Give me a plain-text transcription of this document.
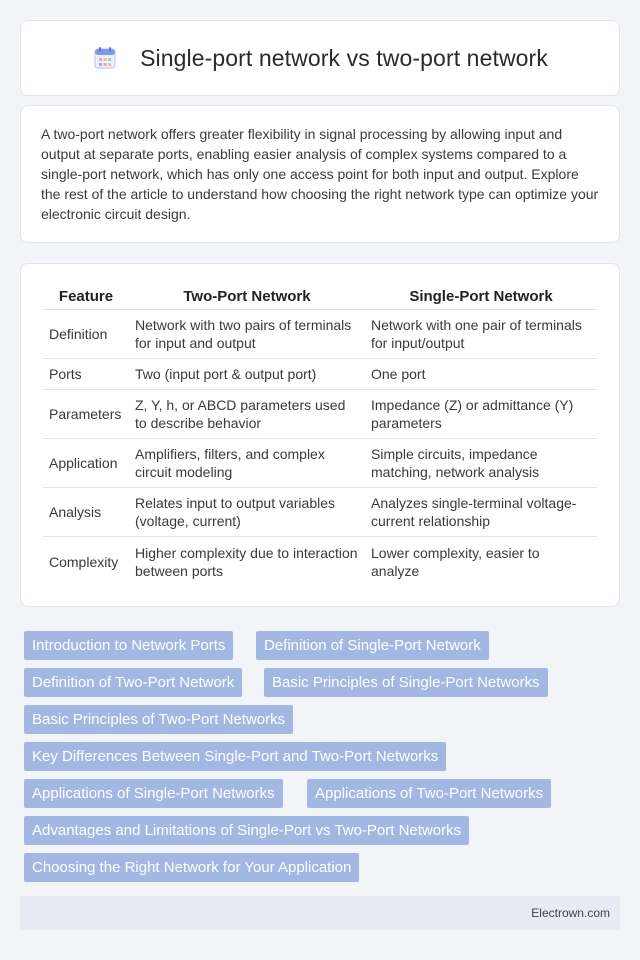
Single-port network vs two-port network

A two-port network offers greater flexibility in signal processing by allowing input and output at separate ports, enabling easier analysis of complex systems compared to a single-port network, which has only one access point for both input and output. Explore the rest of the article to understand how choosing the right network type can optimize your electronic circuit design.

Feature	Two-Port Network	Single-Port Network
Definition	Network with two pairs of terminals for input and output	Network with one pair of terminals for input/output
Ports	Two (input port & output port)	One port
Parameters	Z, Y, h, or ABCD parameters used to describe behavior	Impedance (Z) or admittance (Y) parameters
Application	Amplifiers, filters, and complex circuit modeling	Simple circuits, impedance matching, network analysis
Analysis	Relates input to output variables (voltage, current)	Analyzes single-terminal voltage-current relationship
Complexity	Higher complexity due to interaction between ports	Lower complexity, easier to analyze
Introduction to Network Ports	Definition of Single-Port Network
Definition of Two-Port Network	Basic Principles of Single-Port Networks
Basic Principles of Two-Port Networks
Key Differences Between Single-Port and Two-Port Networks
Applications of Single-Port Networks	Applications of Two-Port Networks
Advantages and Limitations of Single-Port vs Two-Port Networks
Choosing the Right Network for Your Application
Electrown.com
